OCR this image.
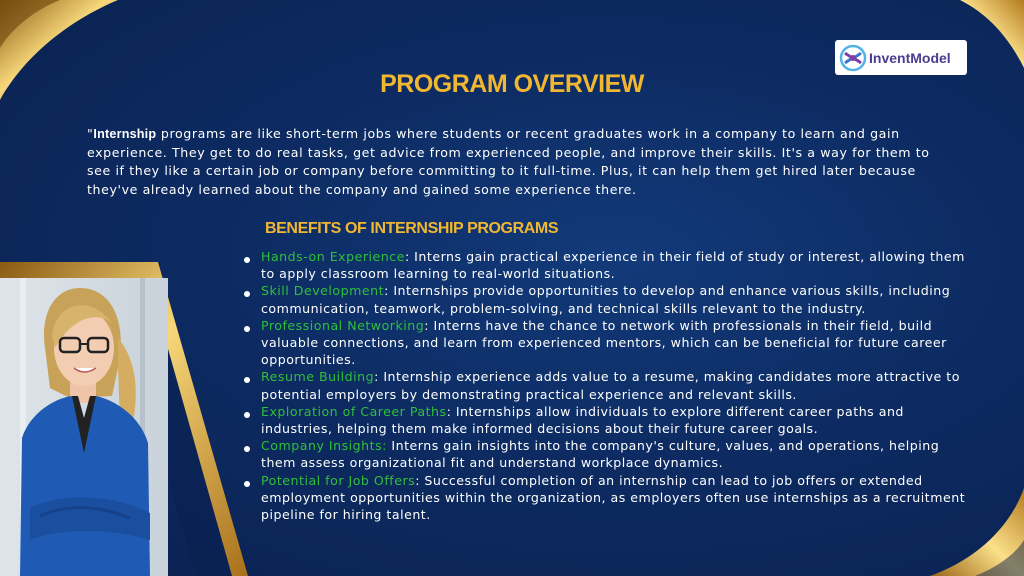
InventModel
PROGRAM OVERVIEW
"Internship programs are like short-term jobs where students or recent graduates work in a company to learn and gain experience. They get to do real tasks, get advice from experienced people, and improve their skills. It's a way for them to see if they like a certain job or company before committing to it full-time. Plus, it can help them get hired later because they've already learned about the company and gained some experience there.
BENEFITS OF INTERNSHIP PROGRAMS
Hands-on Experience: Interns gain practical experience in their field of study or interest, allowing them to apply classroom learning to real-world situations.
Skill Development: Internships provide opportunities to develop and enhance various skills, including communication, teamwork, problem-solving, and technical skills relevant to the industry.
Professional Networking: Interns have the chance to network with professionals in their field, build valuable connections, and learn from experienced mentors, which can be beneficial for future career opportunities.
Resume Building: Internship experience adds value to a resume, making candidates more attractive to potential employers by demonstrating practical experience and relevant skills.
Exploration of Career Paths: Internships allow individuals to explore different career paths and industries, helping them make informed decisions about their future career goals.
Company Insights: Interns gain insights into the company's culture, values, and operations, helping them assess organizational fit and understand workplace dynamics.
Potential for Job Offers: Successful completion of an internship can lead to job offers or extended employment opportunities within the organization, as employers often use internships as a recruitment pipeline for hiring talent.
